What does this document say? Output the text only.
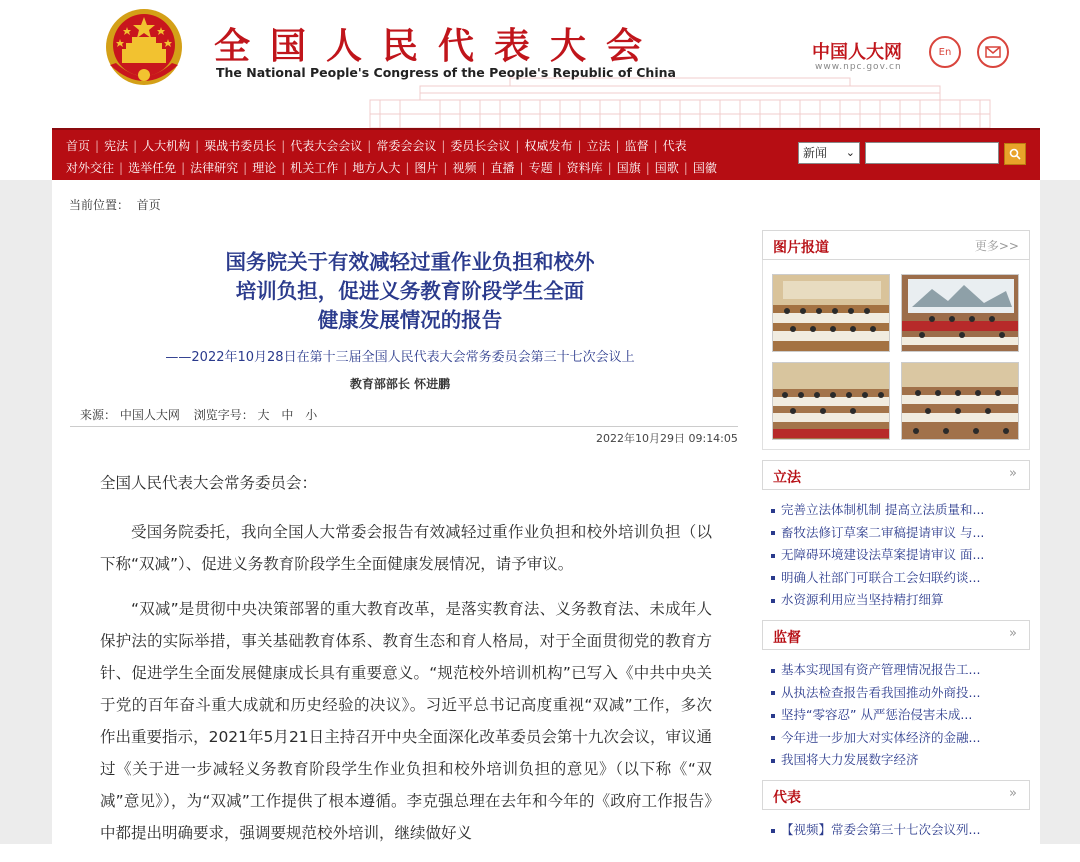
全国人民代表大会
The National People's Congress of the People's Republic of China
中国人大网
www.npc.gov.cn
En
首页 | 宪法 | 人大机构 | 栗战书委员长 | 代表大会会议 | 常委会会议 | 委员长会议 | 权威发布 | 立法 | 监督 | 代表
对外交往 | 选举任免 | 法律研究 | 理论 | 机关工作 | 地方人大 | 图片 | 视频 | 直播 | 专题 | 资料库 | 国旗 | 国歌 | 国徽
新闻 ⌄
当前位置： 首页
国务院关于有效减轻过重作业负担和校外
培训负担，促进义务教育阶段学生全面
健康发展情况的报告
——2022年10月28日在第十三届全国人民代表大会常务委员会第三十七次会议上
教育部部长 怀进鹏
来源： 中国人大网 浏览字号： 大 中 小
2022年10月29日 09:14:05

全国人民代表大会常务委员会：

受国务院委托，我向全国人大常委会报告有效减轻过重作业负担和校外培训负担（以下称“双减”）、促进义务教育阶段学生全面健康发展情况，请予审议。

“双减”是贯彻中央决策部署的重大教育改革，是落实教育法、义务教育法、未成年人保护法的实际举措，事关基础教育体系、教育生态和育人格局，对于全面贯彻党的教育方针、促进学生全面发展健康成长具有重要意义。“规范校外培训机构”已写入《中共中央关于党的百年奋斗重大成就和历史经验的决议》。习近平总书记高度重视“双减”工作，多次作出重要指示，2021年5月21日主持召开中央全面深化改革委员会第十九次会议，审议通过《关于进一步减轻义务教育阶段学生作业负担和校外培训负担的意见》（以下称《“双减”意见》），为“双减”工作提供了根本遵循。李克强总理在去年和今年的《政府工作报告》中都提出明确要求，强调要规范校外培训，继续做好义

图片报道	更多>>
立法	»
完善立法体制机制 提高立法质量和...
畜牧法修订草案二审稿提请审议 与...
无障碍环境建设法草案提请审议 面...
明确人社部门可联合工会妇联约谈...
水资源利用应当坚持精打细算
监督	»
基本实现国有资产管理情况报告工...
从执法检查报告看我国推动外商投...
坚持“零容忍” 从严惩治侵害未成...
今年进一步加大对实体经济的金融...
我国将大力发展数字经济
代表	»
【视频】常委会第三十七次会议列...
